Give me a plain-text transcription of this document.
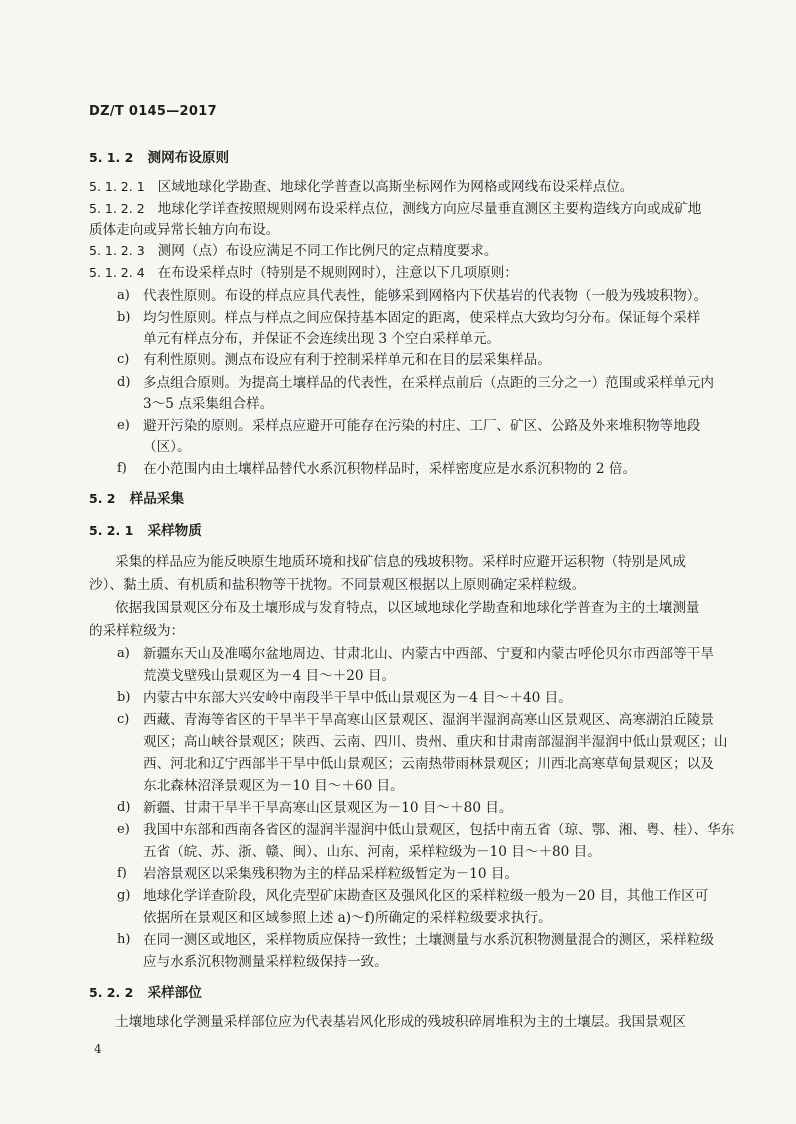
DZ/T 0145—2017
5. 1. 2 测网布设原则
5. 1. 2. 1 区域地球化学勘查、地球化学普查以高斯坐标网作为网格或网线布设采样点位。
5. 1. 2. 2 地球化学详查按照规则网布设采样点位，测线方向应尽量垂直测区主要构造线方向或成矿地
质体走向或异常长轴方向布设。
5. 1. 2. 3 测网（点）布设应满足不同工作比例尺的定点精度要求。
5. 1. 2. 4 在布设采样点时（特别是不规则网时），注意以下几项原则：
a) 代表性原则。布设的样点应具代表性，能够采到网格内下伏基岩的代表物（一般为残坡积物）。
b) 均匀性原则。样点与样点之间应保持基本固定的距离，使采样点大致均匀分布。保证每个采样
单元有样点分布，并保证不会连续出现 3 个空白采样单元。
c) 有利性原则。测点布设应有利于控制采样单元和在目的层采集样品。
d) 多点组合原则。为提高土壤样品的代表性，在采样点前后（点距的三分之一）范围或采样单元内
3～5 点采集组合样。
e) 避开污染的原则。采样点应避开可能存在污染的村庄、工厂、矿区、公路及外来堆积物等地段
（区）。
f) 在小范围内由土壤样品替代水系沉积物样品时，采样密度应是水系沉积物的 2 倍。
5. 2 样品采集
5. 2. 1 采样物质
采集的样品应为能反映原生地质环境和找矿信息的残坡积物。采样时应避开运积物（特别是风成
沙）、黏土质、有机质和盐积物等干扰物。不同景观区根据以上原则确定采样粒级。
依据我国景观区分布及土壤形成与发育特点，以区域地球化学勘查和地球化学普查为主的土壤测量
的采样粒级为：
a) 新疆东天山及准噶尔盆地周边、甘肃北山、内蒙古中西部、宁夏和内蒙古呼伦贝尔市西部等干旱
荒漠戈壁残山景观区为－4 目～＋20 目。
b) 内蒙古中东部大兴安岭中南段半干旱中低山景观区为－4 目～＋40 目。
c) 西藏、青海等省区的干旱半干旱高寒山区景观区、湿润半湿润高寒山区景观区、高寒湖泊丘陵景
观区；高山峡谷景观区；陕西、云南、四川、贵州、重庆和甘肃南部湿润半湿润中低山景观区；山
西、河北和辽宁西部半干旱中低山景观区；云南热带雨林景观区；川西北高寒草甸景观区；以及
东北森林沼泽景观区为－10 目～＋60 目。
d) 新疆、甘肃干旱半干旱高寒山区景观区为－10 目～＋80 目。
e) 我国中东部和西南各省区的湿润半湿润中低山景观区，包括中南五省（琼、鄂、湘、粤、桂）、华东
五省（皖、苏、浙、赣、闽）、山东、河南，采样粒级为－10 目～＋80 目。
f) 岩溶景观区以采集残积物为主的样品采样粒级暂定为－10 目。
g) 地球化学详查阶段，风化壳型矿床勘查区及强风化区的采样粒级一般为－20 目，其他工作区可
依据所在景观区和区域参照上述 a)～f)所确定的采样粒级要求执行。
h) 在同一测区或地区，采样物质应保持一致性；土壤测量与水系沉积物测量混合的测区，采样粒级
应与水系沉积物测量采样粒级保持一致。
5. 2. 2 采样部位
土壤地球化学测量采样部位应为代表基岩风化形成的残坡积碎屑堆积为主的土壤层。我国景观区
4
